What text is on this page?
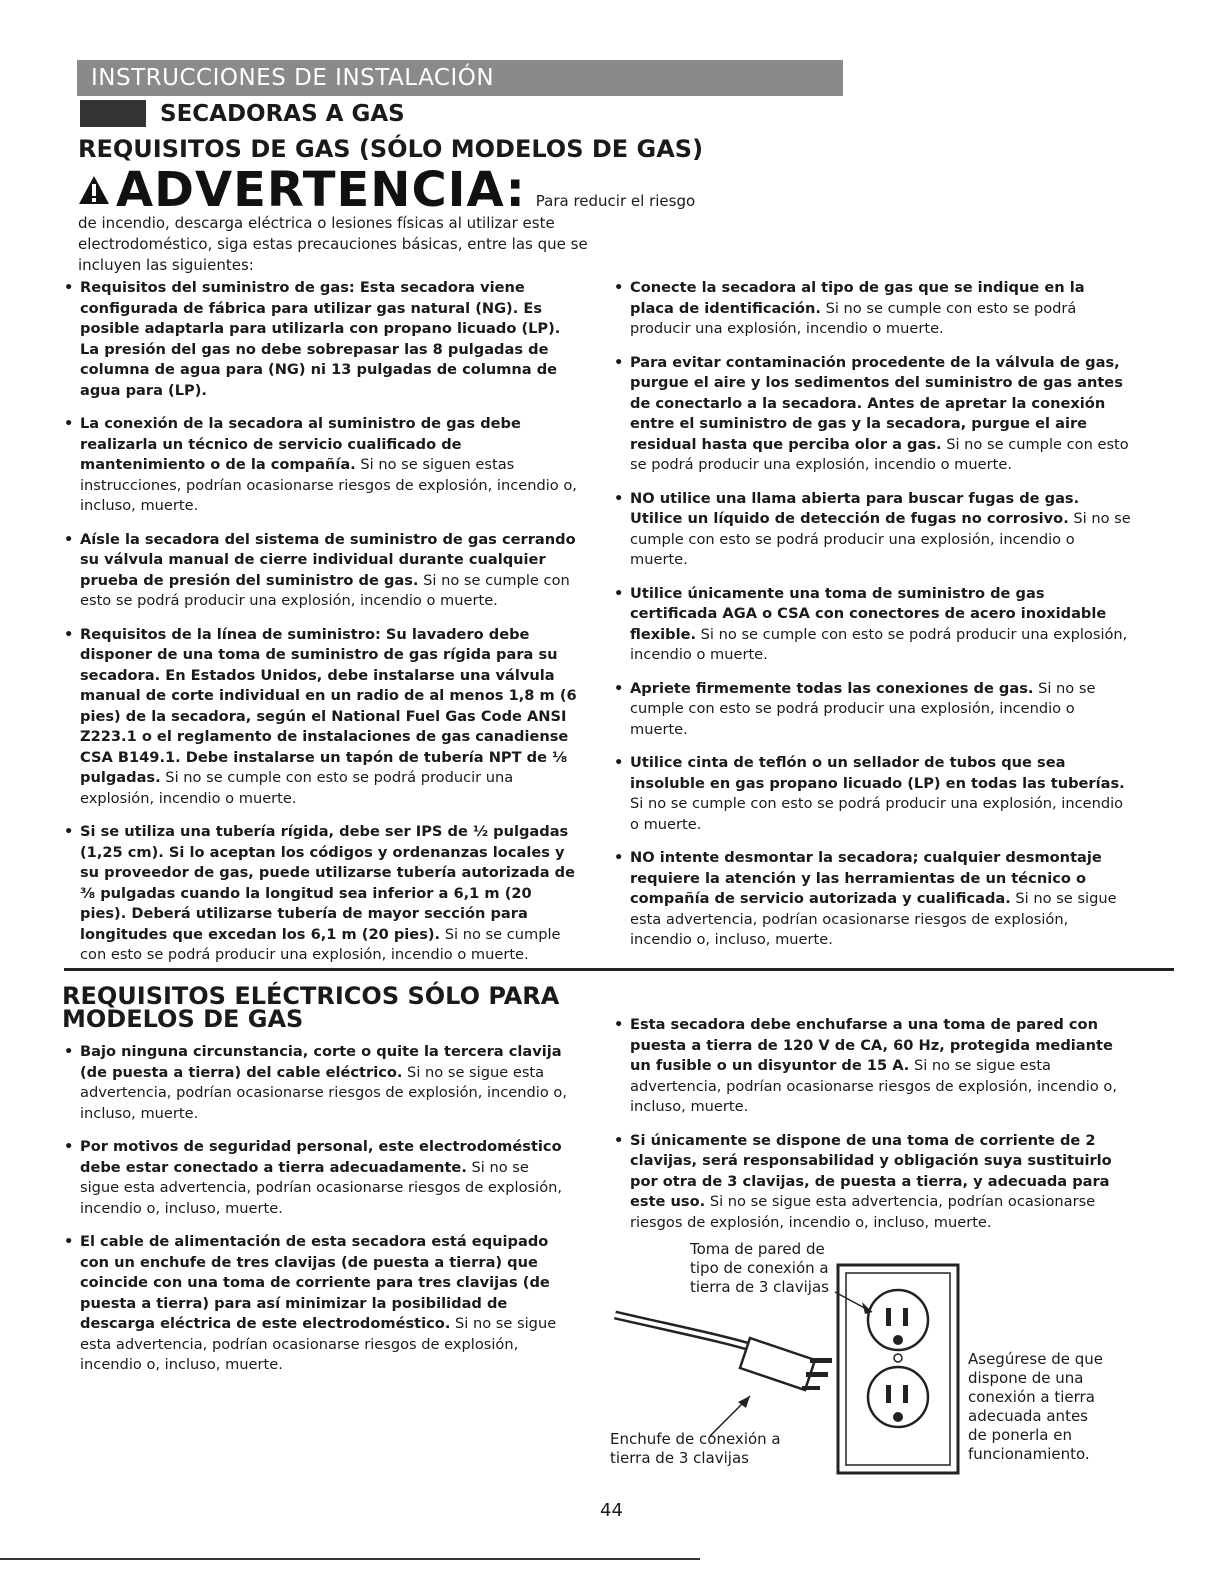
INSTRUCCIONES DE INSTALACIÓN
SECADORAS A GAS
REQUISITOS DE GAS (SÓLO MODELOS DE GAS)
ADVERTENCIA: Para reducir el riesgo
de incendio, descarga eléctrica o lesiones físicas al utilizar este electrodoméstico, siga estas precauciones básicas, entre las que se incluyen las siguientes:
• Requisitos del suministro de gas: Esta secadora viene configurada de fábrica para utilizar gas natural (NG). Es posible adaptarla para utilizarla con propano licuado (LP). La presión del gas no debe sobrepasar las 8 pulgadas de columna de agua para (NG) ni 13 pulgadas de columna de agua para (LP).
• La conexión de la secadora al suministro de gas debe realizarla un técnico de servicio cualificado de mantenimiento o de la compañía. Si no se siguen estas instrucciones, podrían ocasionarse riesgos de explosión, incendio o, incluso, muerte.
• Aísle la secadora del sistema de suministro de gas cerrando su válvula manual de cierre individual durante cualquier prueba de presión del suministro de gas. Si no se cumple con esto se podrá producir una explosión, incendio o muerte.
• Requisitos de la línea de suministro: Su lavadero debe disponer de una toma de suministro de gas rígida para su secadora. En Estados Unidos, debe instalarse una válvula manual de corte individual en un radio de al menos 1,8 m (6 pies) de la secadora, según el National Fuel Gas Code ANSI Z223.1 o el reglamento de instalaciones de gas canadiense CSA B149.1. Debe instalarse un tapón de tubería NPT de ⅛ pulgadas. Si no se cumple con esto se podrá producir una explosión, incendio o muerte.
• Si se utiliza una tubería rígida, debe ser IPS de ½ pulgadas (1,25 cm). Si lo aceptan los códigos y ordenanzas locales y su proveedor de gas, puede utilizarse tubería autorizada de ⅜ pulgadas cuando la longitud sea inferior a 6,1 m (20 pies). Deberá utilizarse tubería de mayor sección para longitudes que excedan los 6,1 m (20 pies). Si no se cumple con esto se podrá producir una explosión, incendio o muerte.
• Conecte la secadora al tipo de gas que se indique en la placa de identificación. Si no se cumple con esto se podrá producir una explosión, incendio o muerte.
• Para evitar contaminación procedente de la válvula de gas, purgue el aire y los sedimentos del suministro de gas antes de conectarlo a la secadora. Antes de apretar la conexión entre el suministro de gas y la secadora, purgue el aire residual hasta que perciba olor a gas. Si no se cumple con esto se podrá producir una explosión, incendio o muerte.
• NO utilice una llama abierta para buscar fugas de gas. Utilice un líquido de detección de fugas no corrosivo. Si no se cumple con esto se podrá producir una explosión, incendio o muerte.
• Utilice únicamente una toma de suministro de gas certificada AGA o CSA con conectores de acero inoxidable flexible. Si no se cumple con esto se podrá producir una explosión, incendio o muerte.
• Apriete firmemente todas las conexiones de gas. Si no se cumple con esto se podrá producir una explosión, incendio o muerte.
• Utilice cinta de teflón o un sellador de tubos que sea insoluble en gas propano licuado (LP) en todas las tuberías. Si no se cumple con esto se podrá producir una explosión, incendio o muerte.
• NO intente desmontar la secadora; cualquier desmontaje requiere la atención y las herramientas de un técnico o compañía de servicio autorizada y cualificada. Si no se sigue esta advertencia, podrían ocasionarse riesgos de explosión, incendio o, incluso, muerte.
REQUISITOS ELÉCTRICOS SÓLO PARA MODELOS DE GAS
• Bajo ninguna circunstancia, corte o quite la tercera clavija (de puesta a tierra) del cable eléctrico. Si no se sigue esta advertencia, podrían ocasionarse riesgos de explosión, incendio o, incluso, muerte.
• Por motivos de seguridad personal, este electrodoméstico debe estar conectado a tierra adecuadamente. Si no se sigue esta advertencia, podrían ocasionarse riesgos de explosión, incendio o, incluso, muerte.
• El cable de alimentación de esta secadora está equipado con un enchufe de tres clavijas (de puesta a tierra) que coincide con una toma de corriente para tres clavijas (de puesta a tierra) para así minimizar la posibilidad de descarga eléctrica de este electrodoméstico. Si no se sigue esta advertencia, podrían ocasionarse riesgos de explosión, incendio o, incluso, muerte.
• Esta secadora debe enchufarse a una toma de pared con puesta a tierra de 120 V de CA, 60 Hz, protegida mediante un fusible o un disyuntor de 15 A. Si no se sigue esta advertencia, podrían ocasionarse riesgos de explosión, incendio o, incluso, muerte.
• Si únicamente se dispone de una toma de corriente de 2 clavijas, será responsabilidad y obligación suya sustituirlo por otra de 3 clavijas, de puesta a tierra, y adecuada para este uso. Si no se sigue esta advertencia, podrían ocasionarse riesgos de explosión, incendio o, incluso, muerte.
Toma de pared de tipo de conexión a tierra de 3 clavijas
Enchufe de conexión a tierra de 3 clavijas
Asegúrese de que dispone de una conexión a tierra adecuada antes de ponerla en funcionamiento.
44
